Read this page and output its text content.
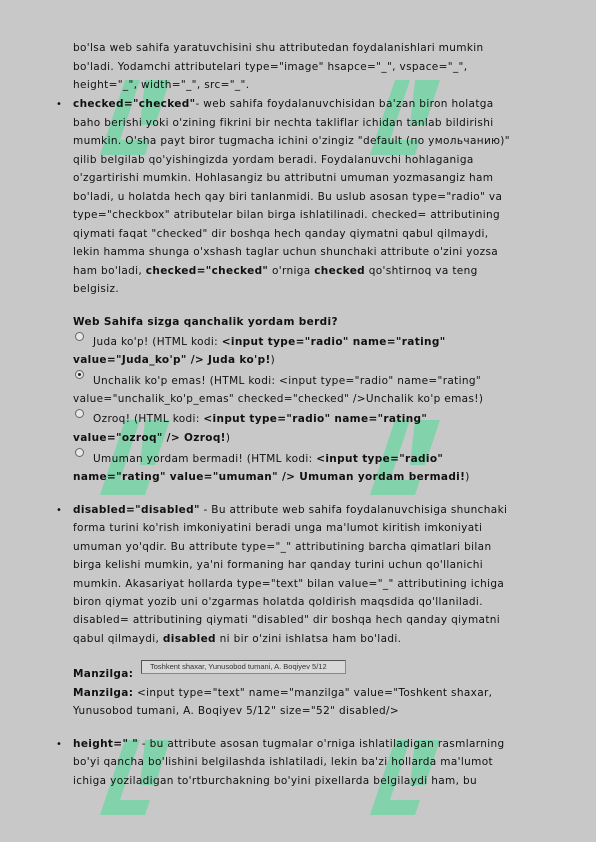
bo'lsa web sahifa yaratuvchisini shu attributedan foydalanishlari mumkin
bo'ladi. Yodamchi attributelari type="image" hsapce="_", vspace="_",
height="_", width="_", src="_".
• checked="checked"- web sahifa foydalanuvchisidan ba'zan biron holatga
baho berishi yoki o'zining fikrini bir nechta takliflar ichidan tanlab bildirishi
mumkin. O'sha payt biror tugmacha ichini o'zingiz "default (по умольчанию)"
qilib belgilab qo'yishingizda yordam beradi. Foydalanuvchi hohlaganiga
o'zgartirishi mumkin. Hohlasangiz bu attributni umuman yozmasangiz ham
bo'ladi, u holatda hech qay biri tanlanmidi. Bu uslub asosan type="radio" va
type="checkbox" atributelar bilan birga ishlatilinadi. checked= attributining
qiymati faqat "checked" dir boshqa hech qanday qiymatni qabul qilmaydi,
lekin hamma shunga o'xshash taglar uchun shunchaki attribute o'zini yozsa
ham bo'ladi, checked="checked" o'rniga checked qo'shtirnoq va teng
belgisiz.
Web Sahifa sizga qanchalik yordam berdi?
Juda ko'p! (HTML kodi: <input type="radio" name="rating"
value="Juda_ko'p" /> Juda ko'p!)
Unchalik ko'p emas! (HTML kodi: <input type="radio" name="rating"
value="unchalik_ko'p_emas" checked="checked" />Unchalik ko'p emas!)
Ozroq! (HTML kodi: <input type="radio" name="rating"
value="ozroq" /> Ozroq!)
Umuman yordam bermadi! (HTML kodi: <input type="radio"
name="rating" value="umuman" /> Umuman yordam bermadi!)
• disabled="disabled" - Bu attribute web sahifa foydalanuvchisiga shunchaki
forma turini ko'rish imkoniyatini beradi unga ma'lumot kiritish imkoniyati
umuman yo'qdir. Bu attribute type="_" attributining barcha qimatlari bilan
birga kelishi mumkin, ya'ni formaning har qanday turini uchun qo'llanichi
mumkin. Akasariyat hollarda type="text" bilan value="_" attributining ichiga
biron qiymat yozib uni o'zgarmas holatda qoldirish maqsdida qo'llaniladi.
disabled= attributining qiymati "disabled" dir boshqa hech qanday qiymatni
qabul qilmaydi, disabled ni bir o'zini ishlatsa ham bo'ladi.
Manzilga:
Toshkent shaxar, Yunusobod tumani, A. Boqiyev 5/12
Manzilga: <input type="text" name="manzilga" value="Toshkent shaxar,
Yunusobod tumani, A. Boqiyev 5/12" size="52" disabled/>
• height=" " - bu attribute asosan tugmalar o'rniga ishlatiladigan rasmlarning
bo'yi qancha bo'lishini belgilashda ishlatiladi, lekin ba'zi hollarda ma'lumot
ichiga yoziladigan to'rtburchakning bo'yini pixellarda belgilaydi ham, bu
